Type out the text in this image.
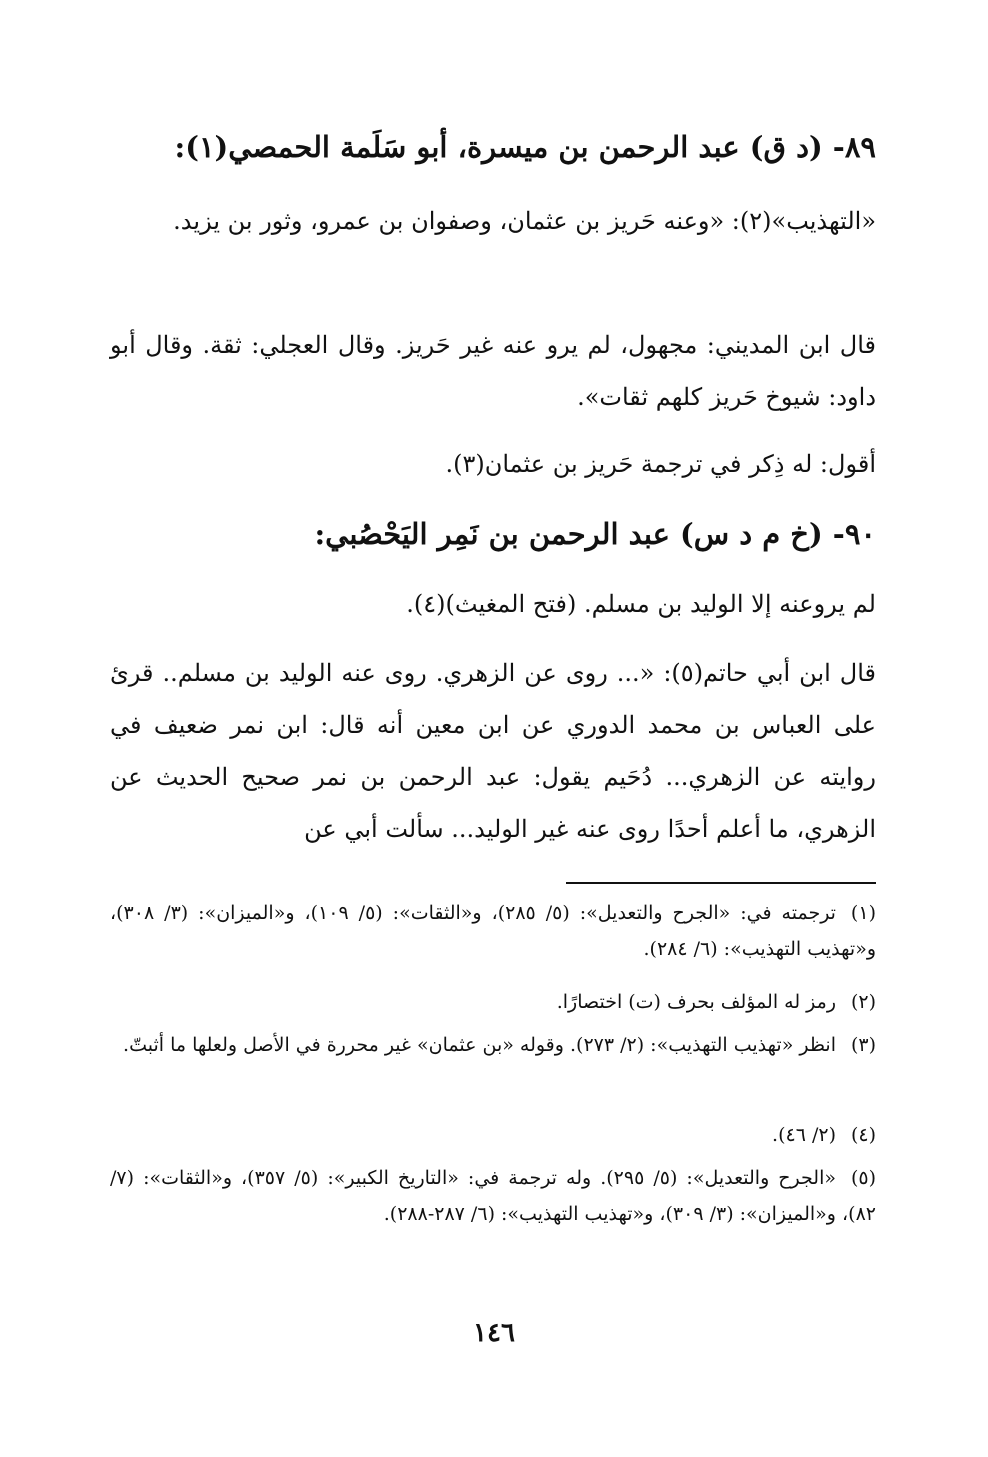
٨٩- (د ق) عبد الرحمن بن ميسرة، أبو سَلَمة الحمصي(١):
«التهذيب»(٢): «وعنه حَريز بن عثمان، وصفوان بن عمرو، وثور بن يزيد.
قال ابن المديني: مجهول، لم يرو عنه غير حَريز. وقال العجلي: ثقة. وقال أبو داود: شيوخ حَريز كلهم ثقات».
أقول: له ذِكر في ترجمة حَريز بن عثمان(٣).
٩٠- (خ م د س) عبد الرحمن بن نَمِر اليَحْصُبي:
لم يروعنه إلا الوليد بن مسلم. (فتح المغيث)(٤).
قال ابن أبي حاتم(٥): «... روى عن الزهري. روى عنه الوليد بن مسلم.. قرئ على العباس بن محمد الدوري عن ابن معين أنه قال: ابن نمر ضعيف في روايته عن الزهري... دُحَيم يقول: عبد الرحمن بن نمر صحيح الحديث عن الزهري، ما أعلم أحدًا روى عنه غير الوليد... سألت أبي عن
(١)ترجمته في: «الجرح والتعديل»: (٥/ ٢٨٥)، و«الثقات»: (٥/ ١٠٩)، و«الميزان»: (٣/ ٣٠٨)، و«تهذيب التهذيب»: (٦/ ٢٨٤).
(٢)رمز له المؤلف بحرف (ت) اختصارًا.
(٣)انظر «تهذيب التهذيب»: (٢/ ٢٧٣). وقوله «بن عثمان» غير محررة في الأصل ولعلها ما أثبتّ.
(٤)(٢/ ٤٦).
(٥)«الجرح والتعديل»: (٥/ ٢٩٥). وله ترجمة في: «التاريخ الكبير»: (٥/ ٣٥٧)، و«الثقات»: (٧/ ٨٢)، و«الميزان»: (٣/ ٣٠٩)، و«تهذيب التهذيب»: (٦/ ٢٨٧-٢٨٨).
١٤٦
